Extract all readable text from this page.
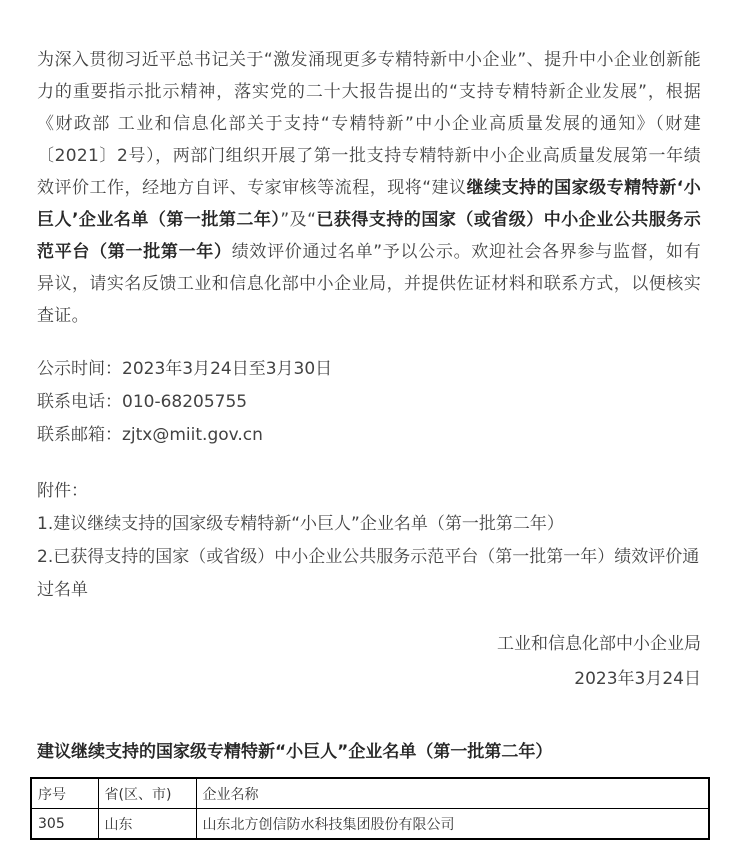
为深入贯彻习近平总书记关于“激发涌现更多专精特新中小企业”、提升中小企业创新能力的重要指示批示精神，落实党的二十大报告提出的“支持专精特新企业发展”，根据《财政部 工业和信息化部关于支持“专精特新”中小企业高质量发展的通知》（财建〔2021〕2号），两部门组织开展了第一批支持专精特新中小企业高质量发展第一年绩效评价工作，经地方自评、专家审核等流程，现将“建议继续支持的国家级专精特新‘小巨人’企业名单（第一批第二年）”及“已获得支持的国家（或省级）中小企业公共服务示范平台（第一批第一年）绩效评价通过名单”予以公示。欢迎社会各界参与监督，如有异议，请实名反馈工业和信息化部中小企业局，并提供佐证材料和联系方式，以便核实查证。

公示时间：2023年3月24日至3月30日
联系电话：010-68205755
联系邮箱：zjtx@miit.gov.cn
附件：
1.建议继续支持的国家级专精特新“小巨人”企业名单（第一批第二年）
2.已获得支持的国家（或省级）中小企业公共服务示范平台（第一批第一年）绩效评价通过名单
工业和信息化部中小企业局
2023年3月24日
建议继续支持的国家级专精特新“小巨人”企业名单（第一批第二年）
序号	省(区、市)	企业名称
305	山东	山东北方创信防水科技集团股份有限公司
